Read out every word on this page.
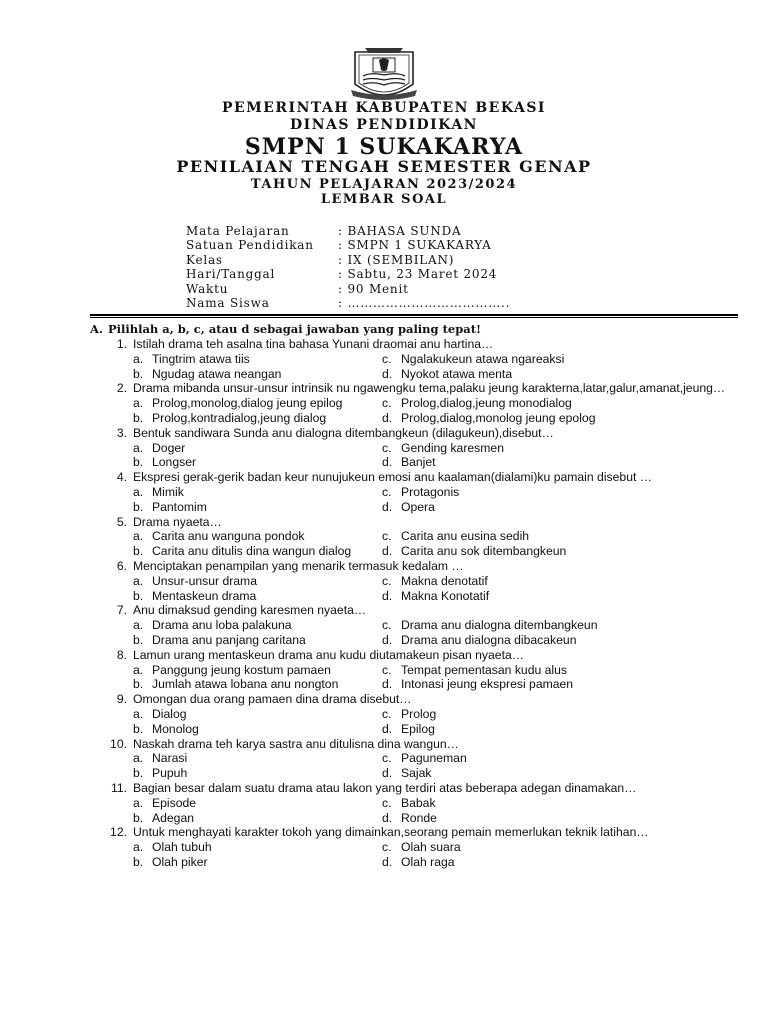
PEMERINTAH KABUPATEN BEKASI
DINAS PENDIDIKAN
SMPN 1 SUKAKARYA
PENILAIAN TENGAH SEMESTER GENAP
TAHUN PELAJARAN 2023/2024
LEMBAR SOAL
Mata Pelajaran	: BAHASA SUNDA
Satuan Pendidikan	: SMPN 1 SUKAKARYA
Kelas	: IX (SEMBILAN)
Hari/Tanggal	: Sabtu, 23 Maret 2024
Waktu	: 90 Menit
Nama Siswa	: ………………………………..
A. Pilihlah a, b, c, atau d sebagai jawaban yang paling tepat!
1. Istilah drama teh asalna tina bahasa Yunani draomai anu hartina…
a. Tingtrim atawa tiis	c. Ngalakukeun atawa ngareaksi
b. Ngudag atawa neangan	d. Nyokot atawa menta
2. Drama mibanda unsur-unsur intrinsik nu ngawengku tema,palaku jeung karakterna,latar,galur,amanat,jeung…
a. Prolog,monolog,dialog jeung epilog	c. Prolog,dialog,jeung monodialog
b. Prolog,kontradialog,jeung dialog	d. Prolog,dialog,monolog jeung epolog
3. Bentuk sandiwara Sunda anu dialogna ditembangkeun (dilagukeun),disebut…
a. Doger	c. Gending karesmen
b. Longser	d. Banjet
4. Ekspresi gerak-gerik badan keur nunujukeun emosi anu kaalaman(dialami)ku pamain disebut …
a. Mimik	c. Protagonis
b. Pantomim	d. Opera
5. Drama nyaeta…
a. Carita anu wanguna pondok	c. Carita anu eusina sedih
b. Carita anu ditulis dina wangun dialog	d. Carita anu sok ditembangkeun
6. Menciptakan penampilan yang menarik termasuk kedalam …
a. Unsur-unsur drama	c. Makna denotatif
b. Mentaskeun drama	d. Makna Konotatif
7. Anu dimaksud gending karesmen nyaeta…
a. Drama anu loba palakuna	c. Drama anu dialogna ditembangkeun
b. Drama anu panjang caritana	d. Drama anu dialogna dibacakeun
8. Lamun urang mentaskeun drama anu kudu diutamakeun pisan nyaeta…
a. Panggung jeung kostum pamaen	c. Tempat pementasan kudu alus
b. Jumlah atawa lobana anu nongton	d. Intonasi jeung ekspresi pamaen
9. Omongan dua orang pamaen dina drama disebut…
a. Dialog	c. Prolog
b. Monolog	d. Epilog
10. Naskah drama teh karya sastra anu ditulisna dina wangun…
a. Narasi	c. Paguneman
b. Pupuh	d. Sajak
11. Bagian besar dalam suatu drama atau lakon yang terdiri atas beberapa adegan dinamakan…
a. Episode	c. Babak
b. Adegan	d. Ronde
12. Untuk menghayati karakter tokoh yang dimainkan,seorang pemain memerlukan teknik latihan…
a. Olah tubuh	c. Olah suara
b. Olah piker	d. Olah raga
